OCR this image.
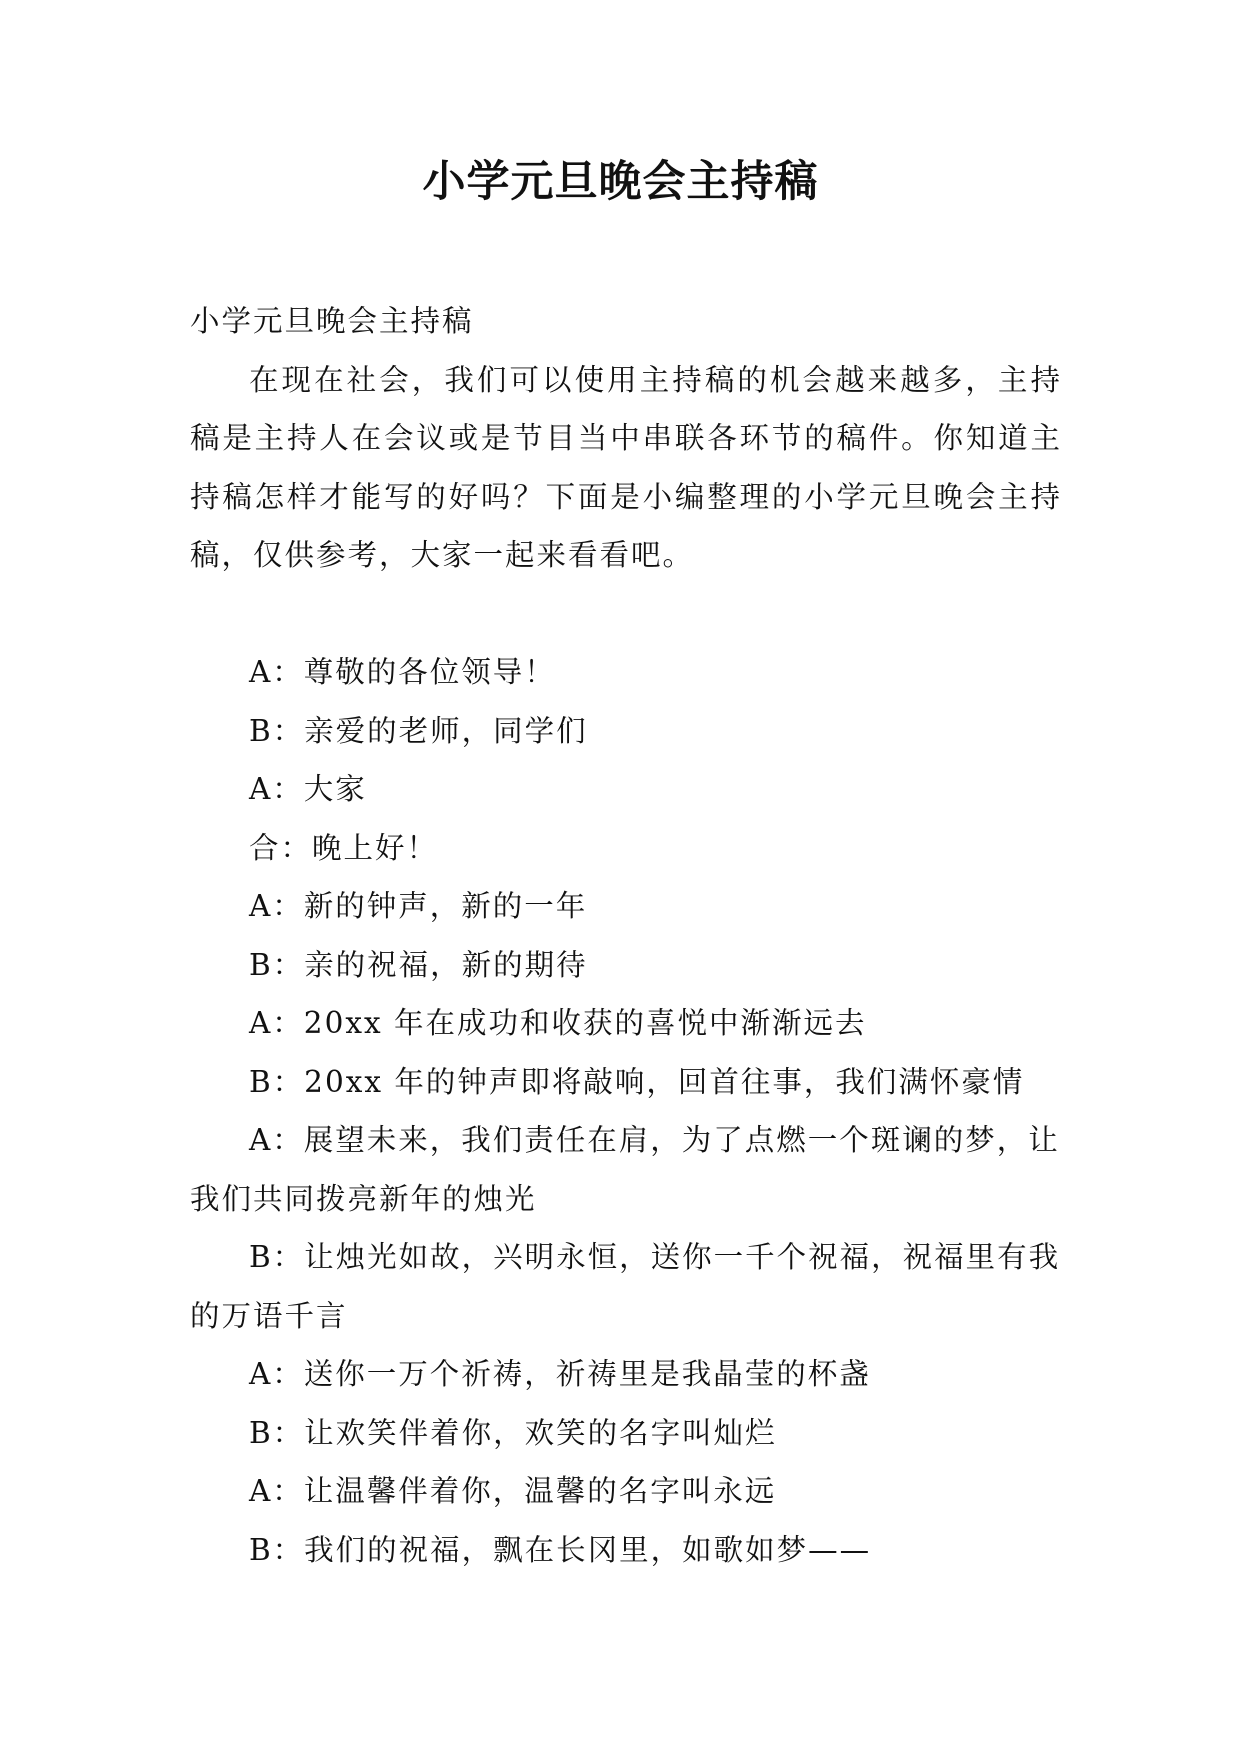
小学元旦晚会主持稿

小学元旦晚会主持稿

在现在社会，我们可以使用主持稿的机会越来越多，主持稿是主持人在会议或是节目当中串联各环节的稿件。你知道主持稿怎样才能写的好吗？下面是小编整理的小学元旦晚会主持稿，仅供参考，大家一起来看看吧。

A：尊敬的各位领导！

B：亲爱的老师，同学们

A：大家

合：晚上好！

A：新的钟声，新的一年

B：亲的祝福，新的期待

A：20xx 年在成功和收获的喜悦中渐渐远去

B：20xx 年的钟声即将敲响，回首往事，我们满怀豪情

A：展望未来，我们责任在肩，为了点燃一个斑谰的梦，让我们共同拨亮新年的烛光

B：让烛光如故，兴明永恒，送你一千个祝福，祝福里有我的万语千言

A：送你一万个祈祷，祈祷里是我晶莹的杯盏

B：让欢笑伴着你，欢笑的名字叫灿烂

A：让温馨伴着你，温馨的名字叫永远

B：我们的祝福，飘在长冈里，如歌如梦——
